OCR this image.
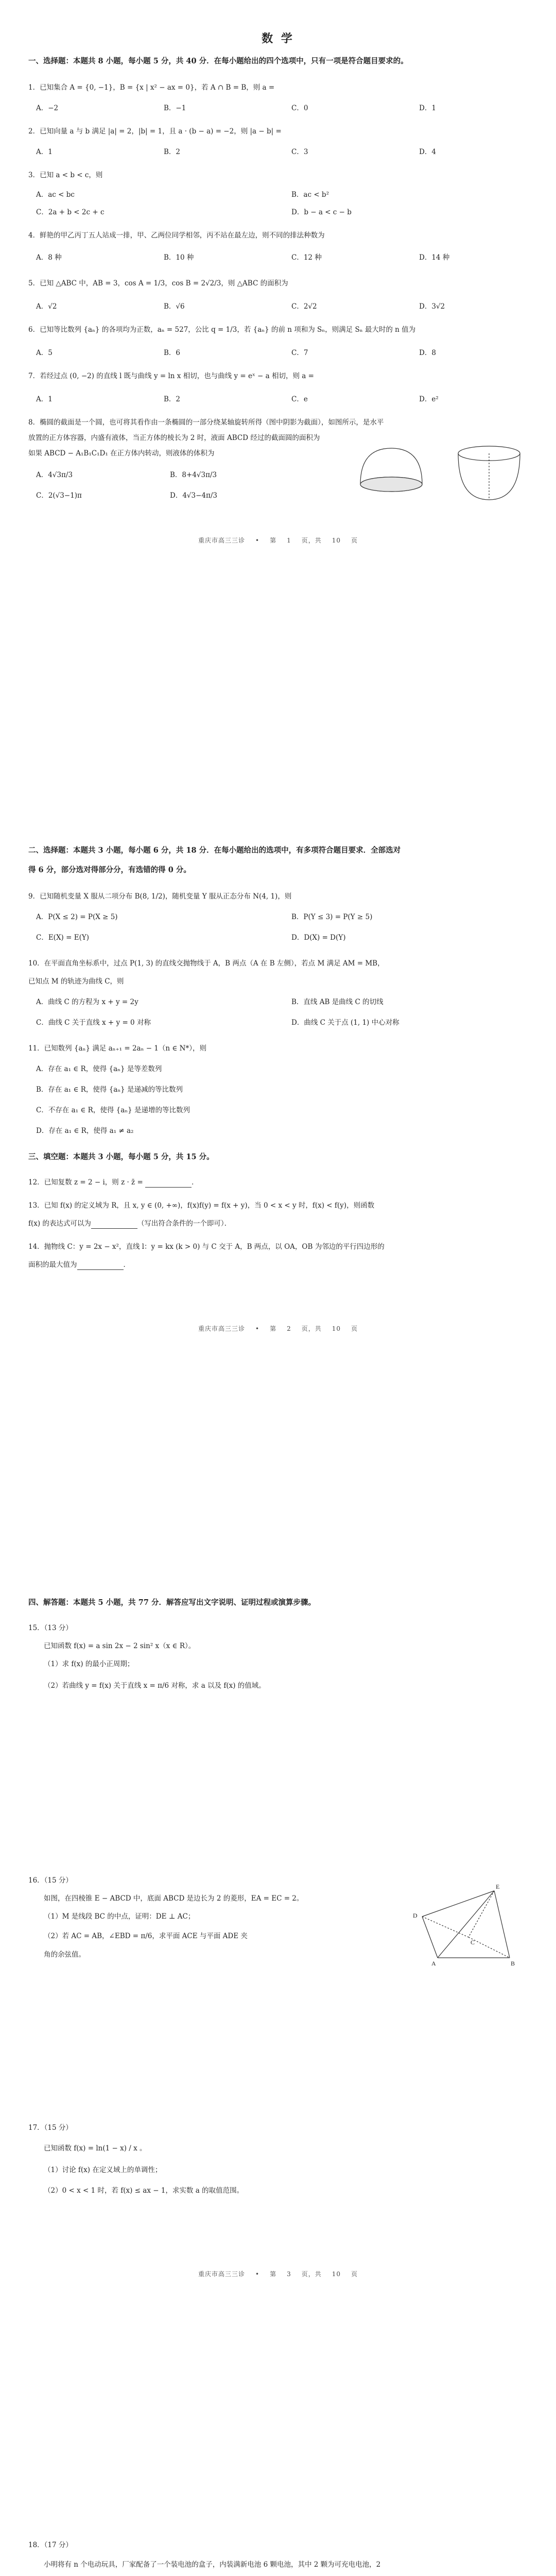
数 学
一、选择题：本题共 8 小题，每小题 5 分，共 40 分．在每小题给出的四个选项中，只有一项是符合题目要求的。
1．已知集合 A = {0, −1}，B = {x | x² − ax = 0}，若 A ∩ B = B，则 a =
A．−2	B．−1	C．0	D．1
2．已知向量 a 与 b 满足 |a| = 2，|b| = 1，且 a · (b − a) = −2，则 |a − b| =
A．1	B．2	C．3	D．4
3．已知 a < b < c，则
A．ac < bc	B．ac < b²
C．2a + b < 2c + c	D．b − a < c − b
4．鲜艳的甲乙丙丁五人站成一排，甲、乙两位同学相邻，丙不站在最左边，则不同的排法种数为
A．8 种	B．10 种	C．12 种	D．14 种
5．已知 △ABC 中，AB = 3，cos A = 1/3，cos B = 2√2/3，则 △ABC 的面积为
A．√2	B．√6	C．2√2	D．3√2
6．已知等比数列 {aₙ} 的各项均为正数，aₙ = 527，公比 q = 1/3，若 {aₙ} 的前 n 项和为 Sₙ，则满足 Sₙ 最大时的 n 值为
A．5	B．6	C．7	D．8
7．若经过点 (0, −2) 的直线 l 既与曲线 y = ln x 相切，也与曲线 y = eˣ − a 相切，则 a =
A．1	B．2	C．e	D．e²
8．椭圆的截面是一个圆，也可将其看作由一条椭圆的一部分绕某轴旋转所得（图中阴影为截面），如图所示，是水平
放置的正方体容器，内盛有液体，当正方体的棱长为 2 时，液面 ABCD 经过的截面圆的面积为
如果 ABCD − A₁B₁C₁D₁ 在正方体内转动，则液体的体积为
A．4√3π/3	B．8+4√3π/3
C．2(√3−1)π	D．4√3−4π/3
重庆市高三三诊 • 第 1 页，共 10 页
二、选择题：本题共 3 小题，每小题 6 分，共 18 分．在每小题给出的选项中，有多项符合题目要求．全部选对
得 6 分，部分选对得部分分，有选错的得 0 分。
9．已知随机变量 X 服从二项分布 B(8, 1/2)，随机变量 Y 服从正态分布 N(4, 1)，则
A．P(X ≤ 2) = P(X ≥ 5)	B．P(Y ≤ 3) = P(Y ≥ 5)
C．E(X) = E(Y)	D．D(X) = D(Y)
10．在平面直角坐标系中，过点 P(1, 3) 的直线交抛物线于 A，B 两点（A 在 B 左侧），若点 M 满足 AM = MB，
已知点 M 的轨迹为曲线 C，则
A．曲线 C 的方程为 x + y = 2y	B．直线 AB 是曲线 C 的切线
C．曲线 C 关于直线 x + y = 0 对称	D．曲线 C 关于点 (1, 1) 中心对称
11．已知数列 {aₙ} 满足 aₙ₊₁ = 2aₙ − 1（n ∈ N*），则
A．存在 a₁ ∈ R，使得 {aₙ} 是等差数列
B．存在 a₁ ∈ R，使得 {aₙ} 是递减的等比数列
C．不存在 a₁ ∈ R，使得 {aₙ} 是递增的等比数列
D．存在 a₁ ∈ R，使得 a₁ ≠ a₂
三、填空题：本题共 3 小题，每小题 5 分，共 15 分。
12．已知复数 z = 2 − i，则 z · z̄ =	．
13．已知 f(x) 的定义域为 R，且 x, y ∈ (0, +∞)，f(x)f(y) = f(x + y)，当 0 < x < y 时，f(x) < f(y)，则函数
f(x) 的表达式可以为	（写出符合条件的一个即可）．
14．抛物线 C：y = 2x − x²，直线 l：y = kx (k > 0) 与 C 交于 A，B 两点，以 OA，OB 为邻边的平行四边形的
面积的最大值为	．
重庆市高三三诊 • 第 2 页，共 10 页
四、解答题：本题共 5 小题，共 77 分．解答应写出文字说明、证明过程或演算步骤。
15．（13 分）
已知函数 f(x) = a sin 2x − 2 sin² x（x ∈ R）。
（1）求 f(x) 的最小正周期；
（2）若曲线 y = f(x) 关于直线 x = π/6 对称，求 a 以及 f(x) 的值域。
16．（15 分）
如图，在四棱锥 E − ABCD 中，底面 ABCD 是边长为 2 的菱形，EA = EC = 2。
（1）M 是线段 BC 的中点，证明：DE ⊥ AC；
（2）若 AC = AB，∠EBD = π/6，求平面 ACE 与平面 ADE 夹
角的余弦值。
D
E
A	B
C
17．（15 分）
已知函数 f(x) = ln(1 − x) / x 。
（1）讨论 f(x) 在定义域上的单调性；
（2）0 < x < 1 时，若 f(x) ≤ ax − 1，求实数 a 的取值范围。
重庆市高三三诊 • 第 3 页，共 10 页
18．（17 分）
小明将有 n 个电动玩具，厂家配备了一个装电池的盒子，内装满新电池 6 颗电池，其中 2 颗为可充电电池，2
